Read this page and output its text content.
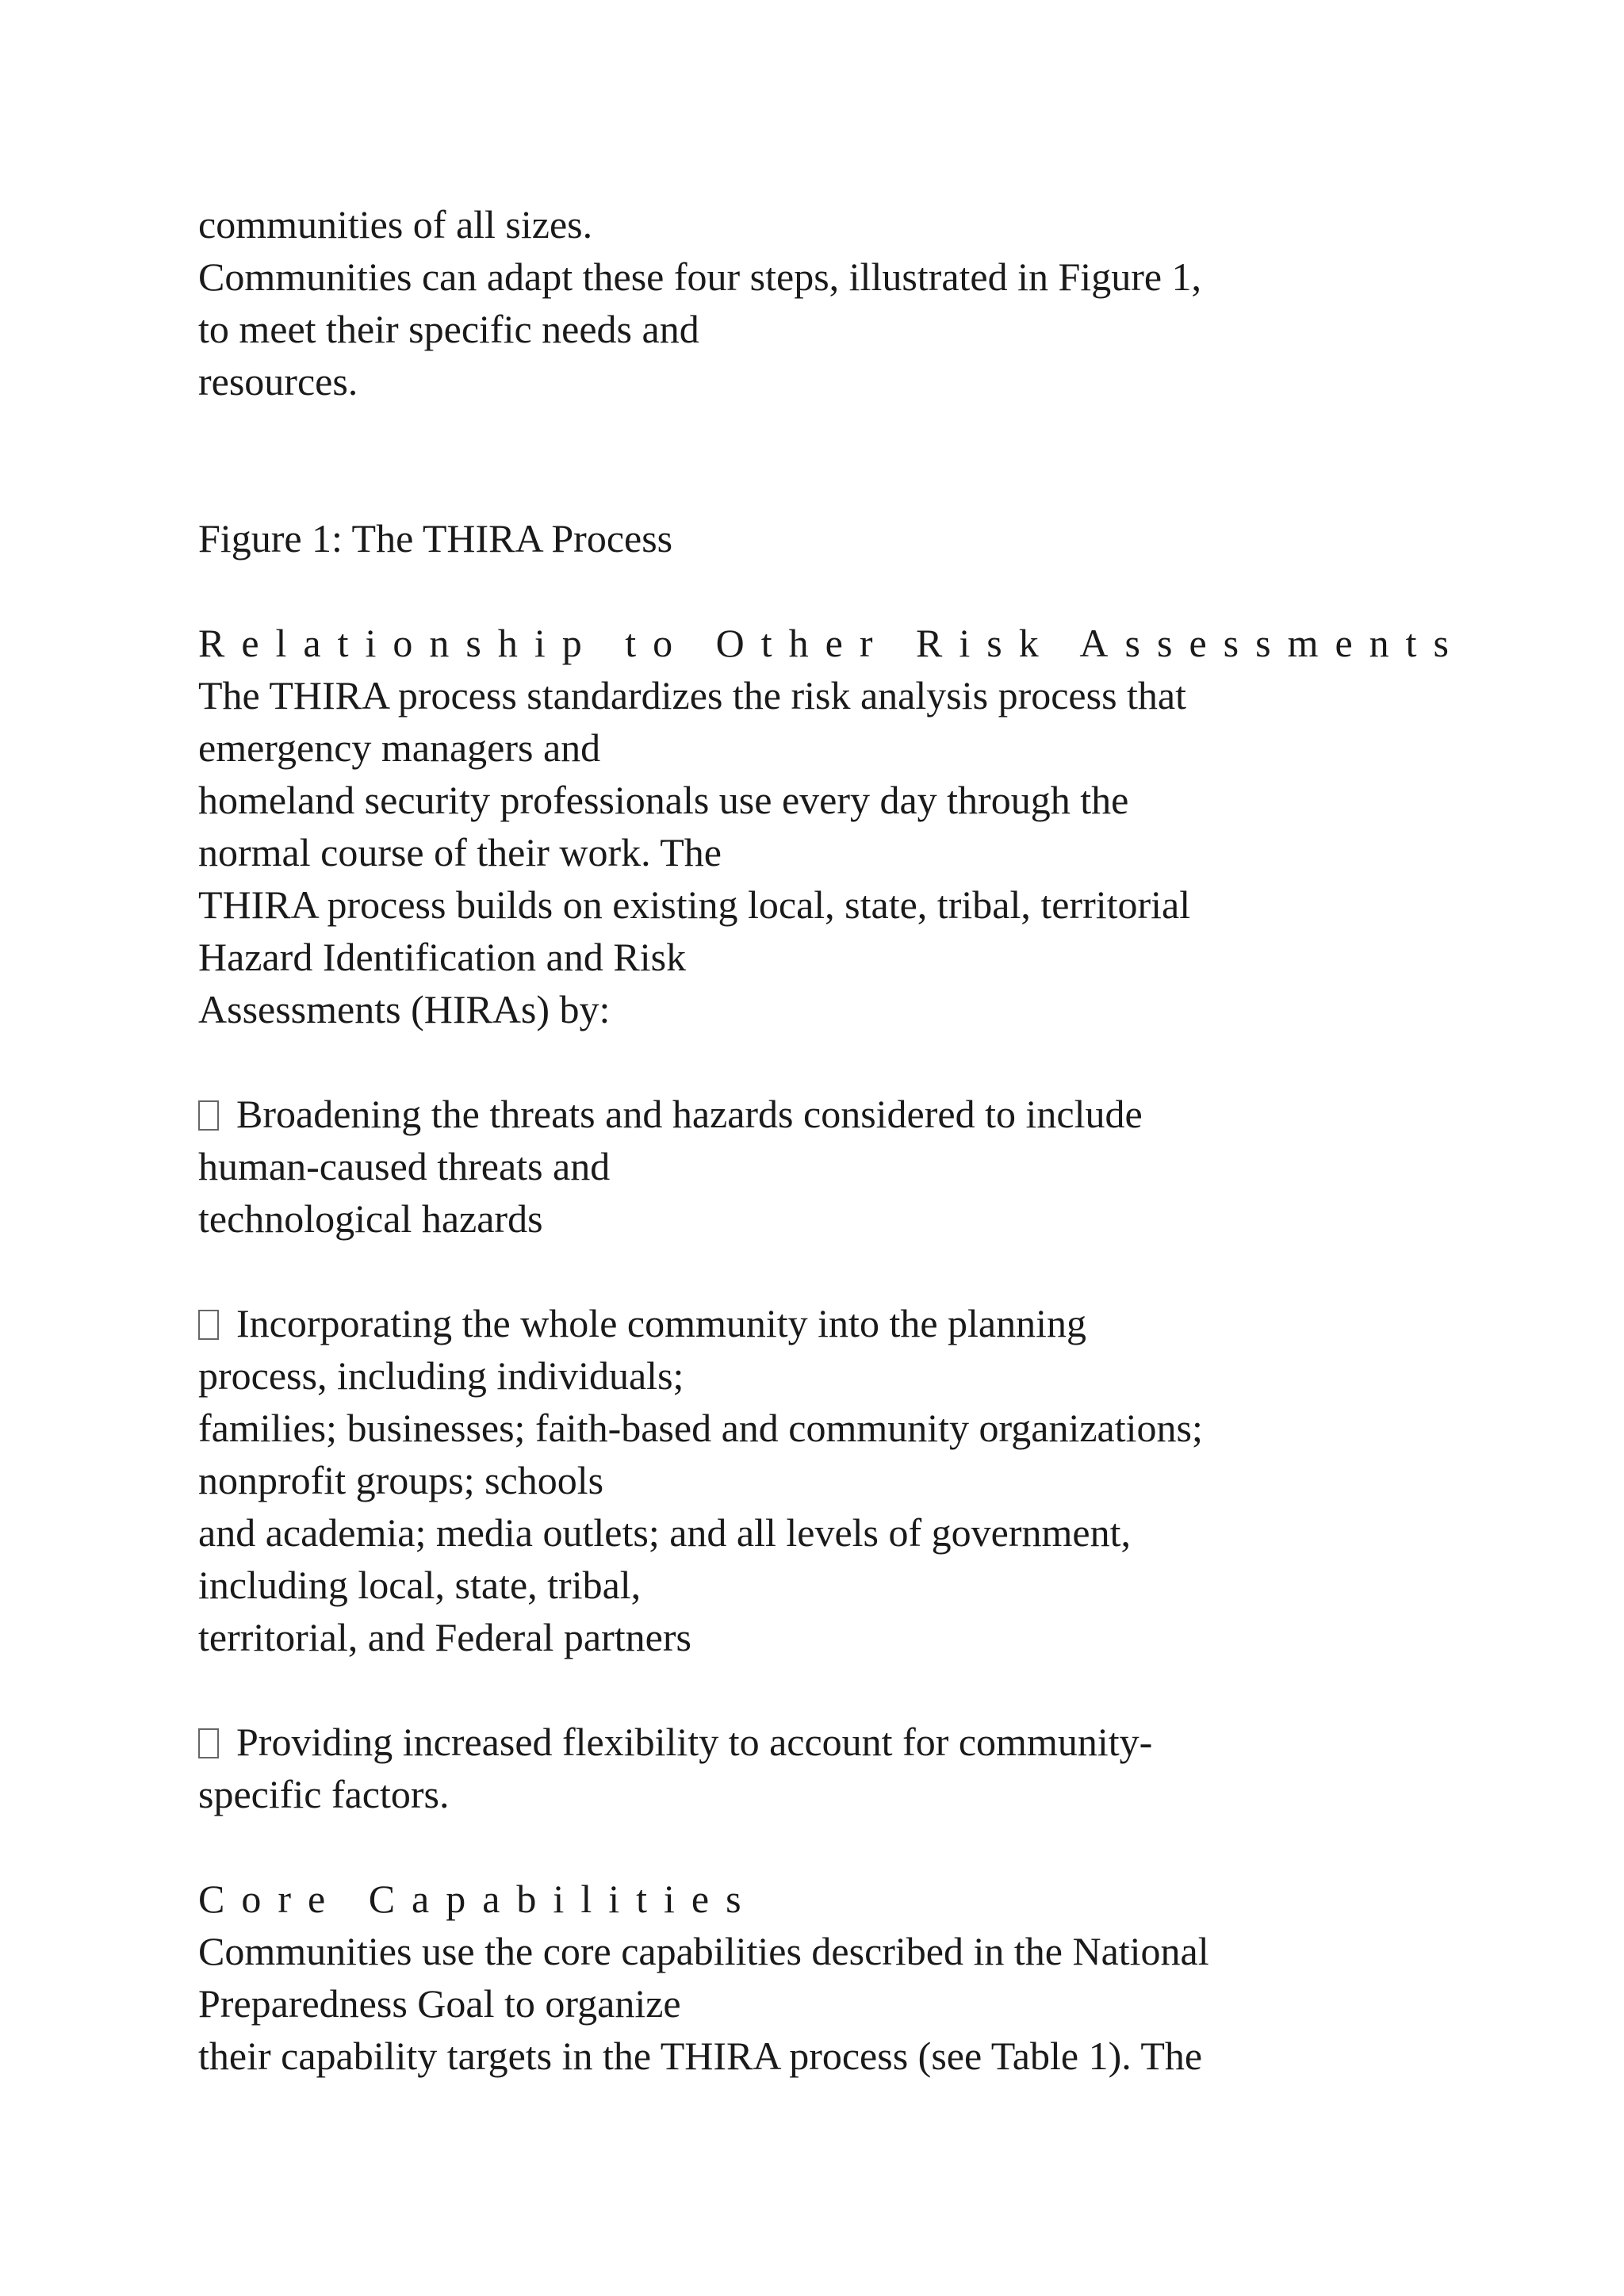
communities of all sizes.
Communities can adapt these four steps, illustrated in Figure 1,
to meet their specific needs and
resources.
Figure 1: The THIRA Process
Relationship to Other Risk Assessments
The THIRA process standardizes the risk analysis process that
emergency managers and
homeland security professionals use every day through the
normal course of their work. The
THIRA process builds on existing local, state, tribal, territorial
Hazard Identification and Risk
Assessments (HIRAs) by:
Broadening the threats and hazards considered to include
human-caused threats and
technological hazards
Incorporating the whole community into the planning
process, including individuals;
families; businesses; faith-based and community organizations;
nonprofit groups; schools
and academia; media outlets; and all levels of government,
including local, state, tribal,
territorial, and Federal partners
Providing increased flexibility to account for community-
specific factors.
Core Capabilities
Communities use the core capabilities described in the National
Preparedness Goal to organize
their capability targets in the THIRA process (see Table 1). The
